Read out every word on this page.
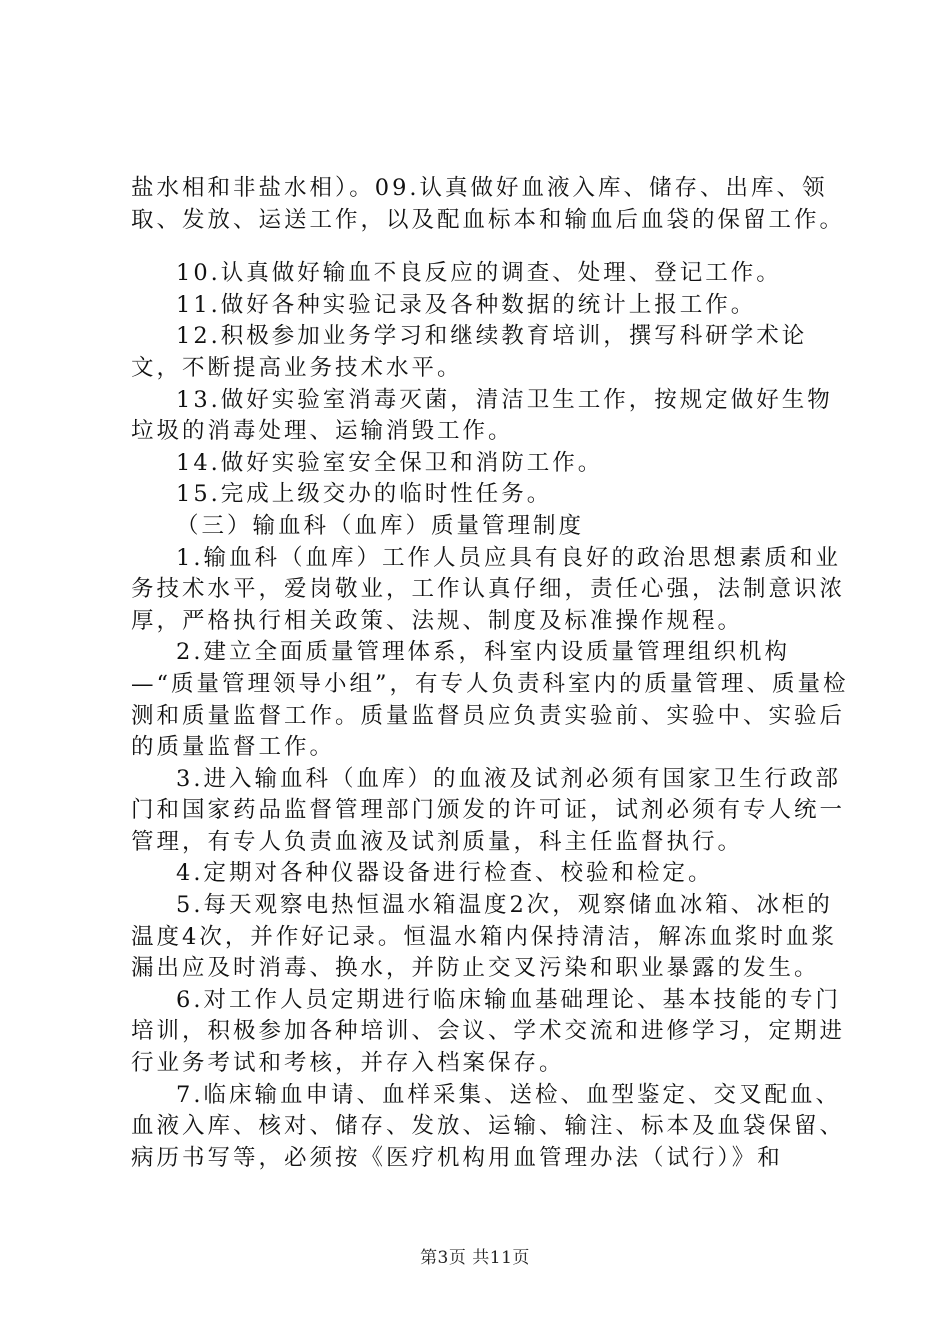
盐水相和非盐水相）。09.认真做好血液入库、储存、出库、领取、发放、运送工作，以及配血标本和输血后血袋的保留工作。

10.认真做好输血不良反应的调查、处理、登记工作。

11.做好各种实验记录及各种数据的统计上报工作。

12.积极参加业务学习和继续教育培训，撰写科研学术论文，不断提高业务技术水平。

13.做好实验室消毒灭菌，清洁卫生工作，按规定做好生物垃圾的消毒处理、运输消毁工作。

14.做好实验室安全保卫和消防工作。

15.完成上级交办的临时性任务。

（三）输血科（血库）质量管理制度

1.输血科（血库）工作人员应具有良好的政治思想素质和业务技术水平，爱岗敬业，工作认真仔细，责任心强，法制意识浓厚，严格执行相关政策、法规、制度及标准操作规程。

2.建立全面质量管理体系，科室内设质量管理组织机构—“质量管理领导小组”，有专人负责科室内的质量管理、质量检测和质量监督工作。质量监督员应负责实验前、实验中、实验后的质量监督工作。

3.进入输血科（血库）的血液及试剂必须有国家卫生行政部门和国家药品监督管理部门颁发的许可证，试剂必须有专人统一管理，有专人负责血液及试剂质量，科主任监督执行。

4.定期对各种仪器设备进行检查、校验和检定。

5.每天观察电热恒温水箱温度2次，观察储血冰箱、冰柜的温度4次，并作好记录。恒温水箱内保持清洁，解冻血浆时血浆漏出应及时消毒、换水，并防止交叉污染和职业暴露的发生。

6.对工作人员定期进行临床输血基础理论、基本技能的专门培训，积极参加各种培训、会议、学术交流和进修学习，定期进行业务考试和考核，并存入档案保存。

7.临床输血申请、血样采集、送检、血型鉴定、交叉配血、血液入库、核对、储存、发放、运输、输注、标本及血袋保留、病历书写等，必须按《医疗机构用血管理办法（试行）》和

第3页 共11页
